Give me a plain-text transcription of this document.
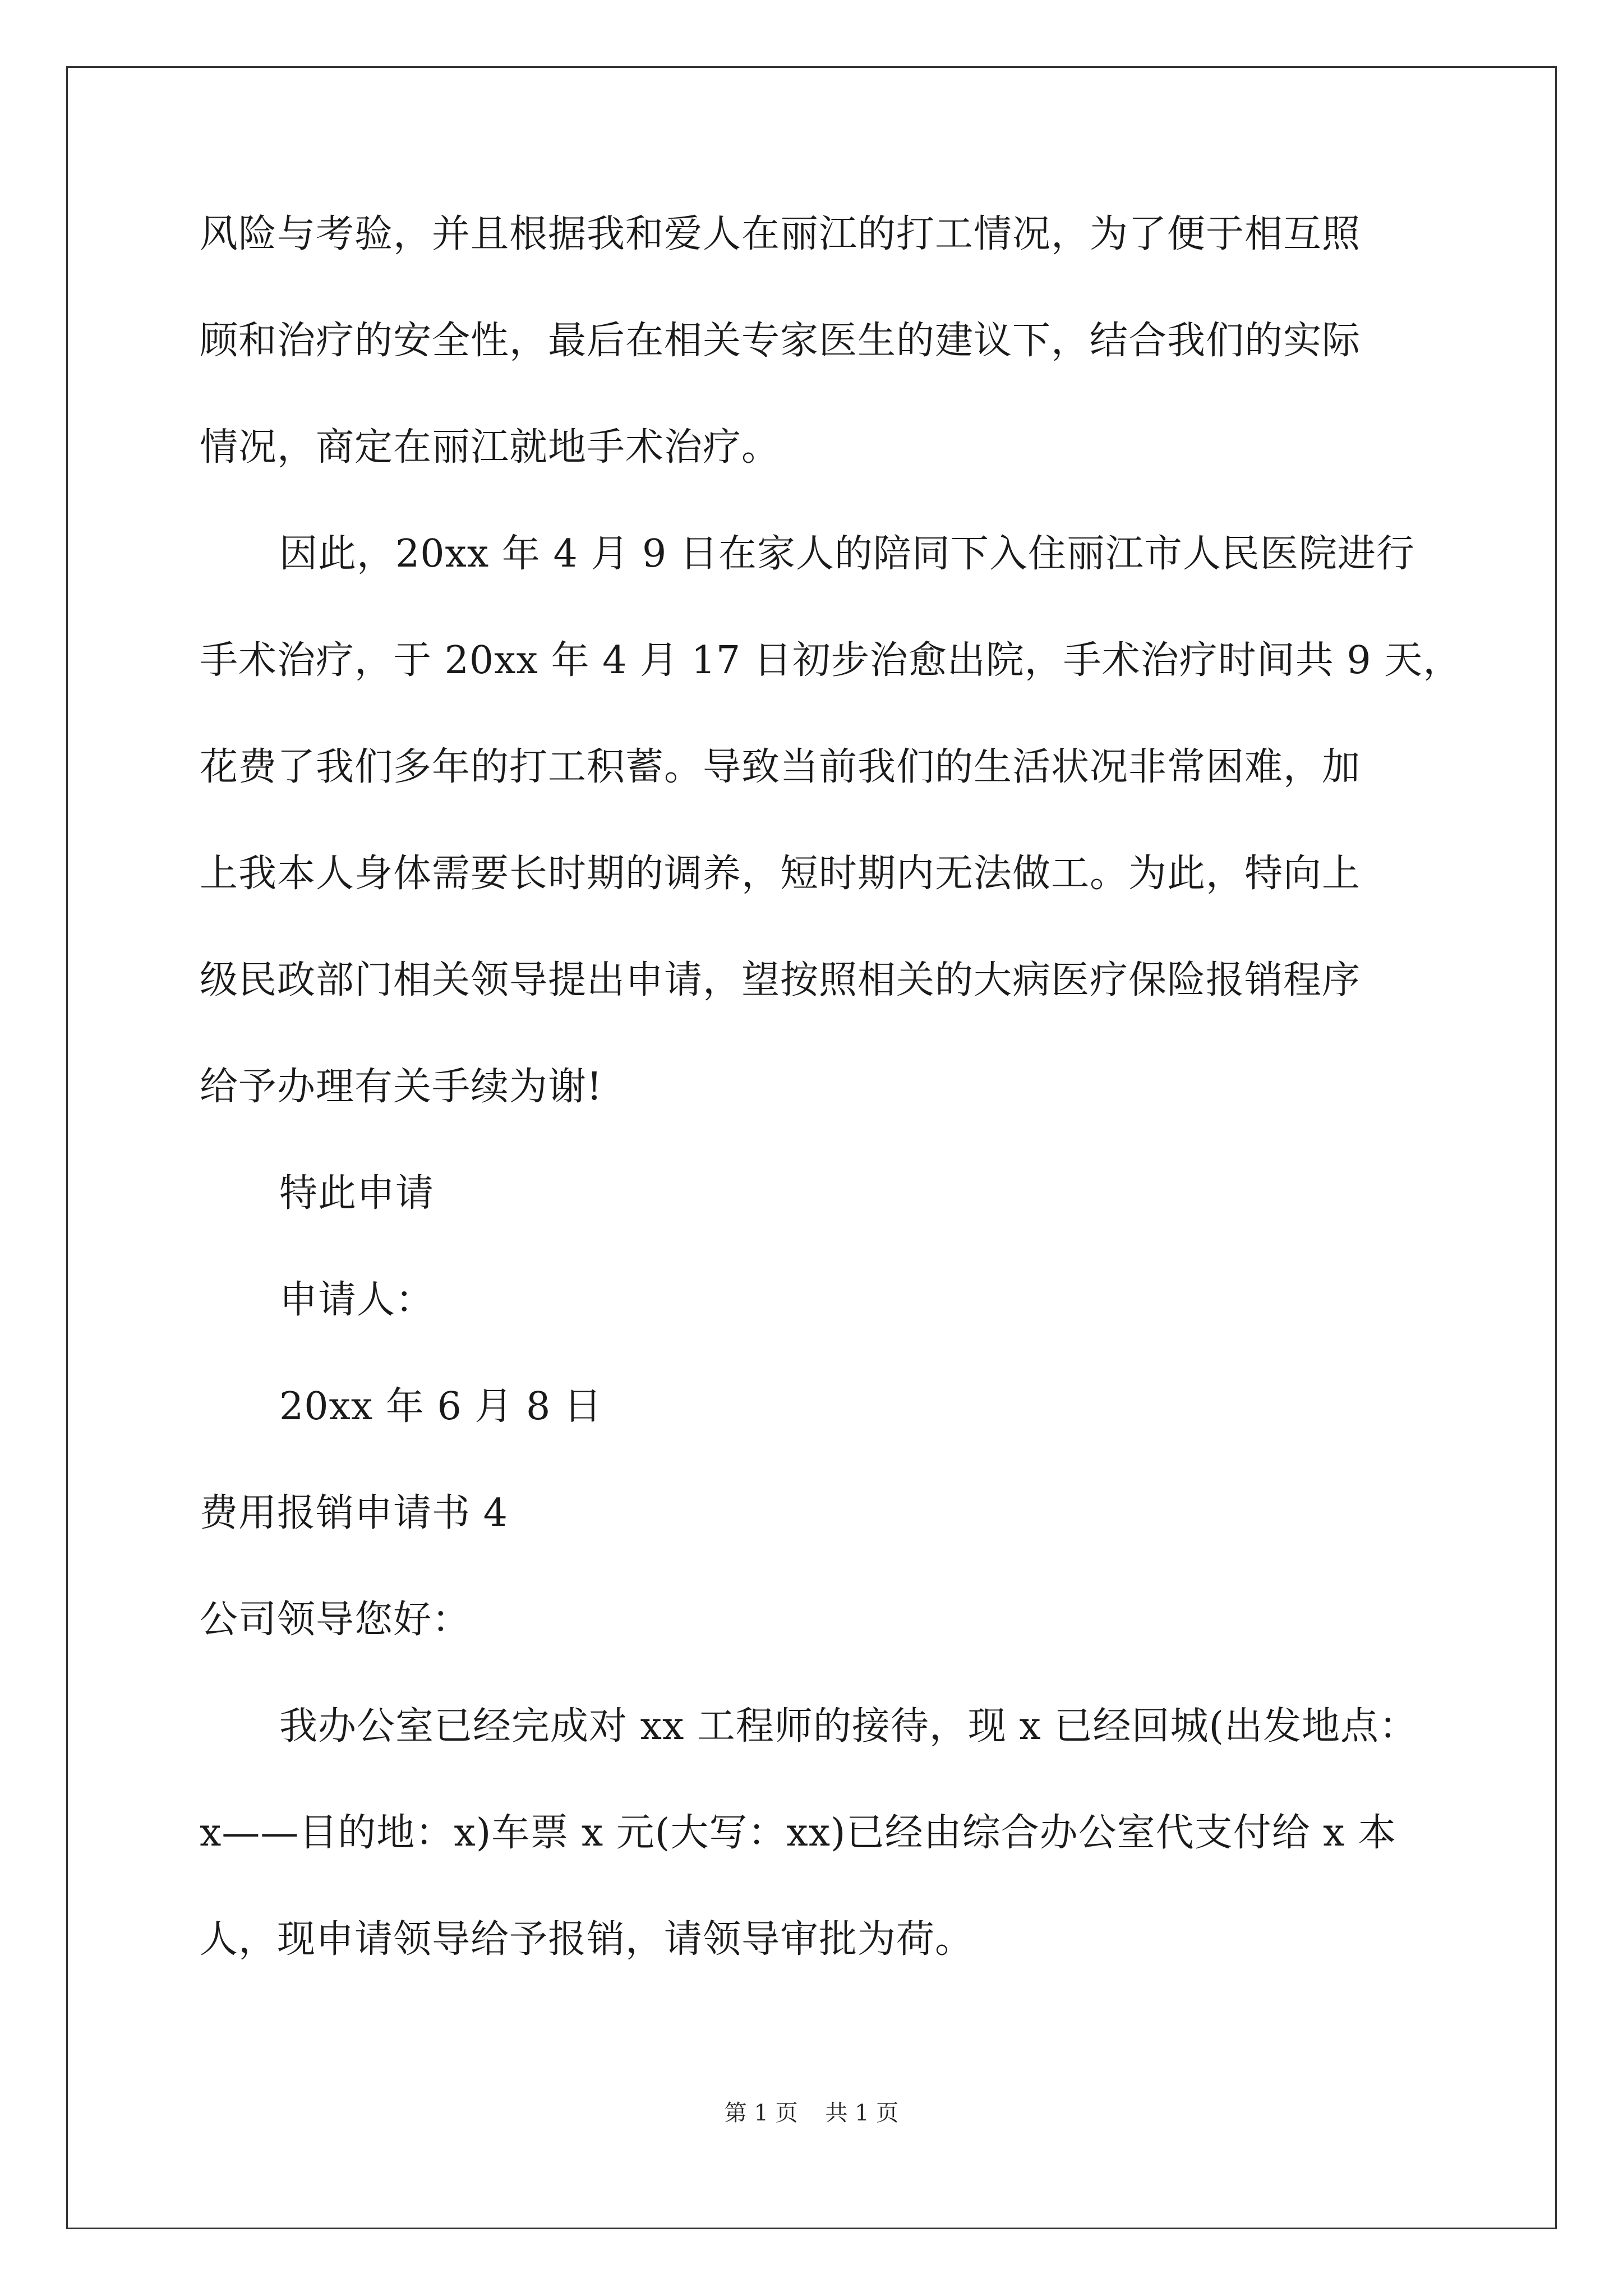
风险与考验，并且根据我和爱人在丽江的打工情况，为了便于相互照
顾和治疗的安全性，最后在相关专家医生的建议下，结合我们的实际
情况，商定在丽江就地手术治疗。
因此，20xx 年 4 月 9 日在家人的陪同下入住丽江市人民医院进行
手术治疗，于 20xx 年 4 月 17 日初步治愈出院，手术治疗时间共 9 天，
花费了我们多年的打工积蓄。导致当前我们的生活状况非常困难，加
上我本人身体需要长时期的调养，短时期内无法做工。为此，特向上
级民政部门相关领导提出申请，望按照相关的大病医疗保险报销程序
给予办理有关手续为谢!
特此申请
申请人：
20xx 年 6 月 8 日
费用报销申请书 4
公司领导您好：
我办公室已经完成对 xx 工程师的接待，现 x 已经回城(出发地点：
x——目的地：x)车票 x 元(大写：xx)已经由综合办公室代支付给 x 本
人，现申请领导给予报销，请领导审批为荷。
第 1 页 共 1 页
